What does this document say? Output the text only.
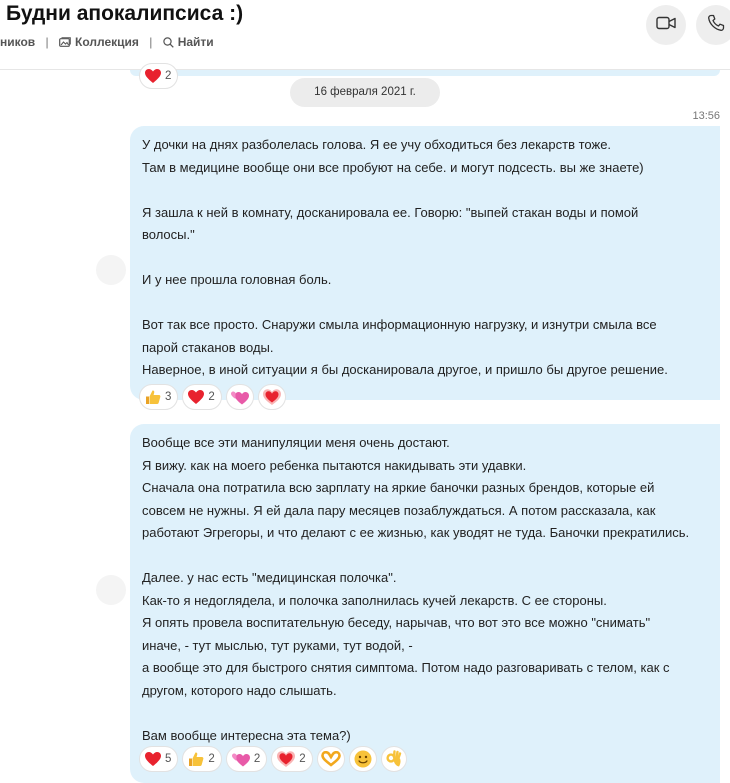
Будни апокалипсиса :)
ников | Коллекция | Найти
2
16 февраля 2021 г.
13:56
У дочки на днях разболелась голова. Я ее учу обходиться без лекарств тоже.
Там в медицине вообще они все пробуют на себе. и могут подсесть. вы же знаете)
Я зашла к ней в комнату, досканировала ее. Говорю: "выпей стакан воды и помой
волосы."
И у нее прошла головная боль.
Вот так все просто. Снаружи смыла информационную нагрузку, и изнутри смыла все
парой стаканов воды.
Наверное, в иной ситуации я бы досканировала другое, и пришло бы другое решение.
3	2
Вообще все эти манипуляции меня очень достают.
Я вижу. как на моего ребенка пытаются накидывать эти удавки.
Сначала она потратила всю зарплату на яркие баночки разных брендов, которые ей
совсем не нужны. Я ей дала пару месяцев позаблуждаться. А потом рассказала, как
работают Эгрегоры, и что делают с ее жизнью, как уводят не туда. Баночки прекратились.
Далее. у нас есть "медицинская полочка".
Как-то я недоглядела, и полочка заполнилась кучей лекарств. С ее стороны.
Я опять провела воспитательную беседу, нарычав, что вот это все можно "снимать"
иначе, - тут мыслью, тут руками, тут водой, -
а вообще это для быстрого снятия симптома. Потом надо разговаривать с телом, как с
другом, которого надо слышать.
Вам вообще интересна эта тема?)
5	2	2	2
